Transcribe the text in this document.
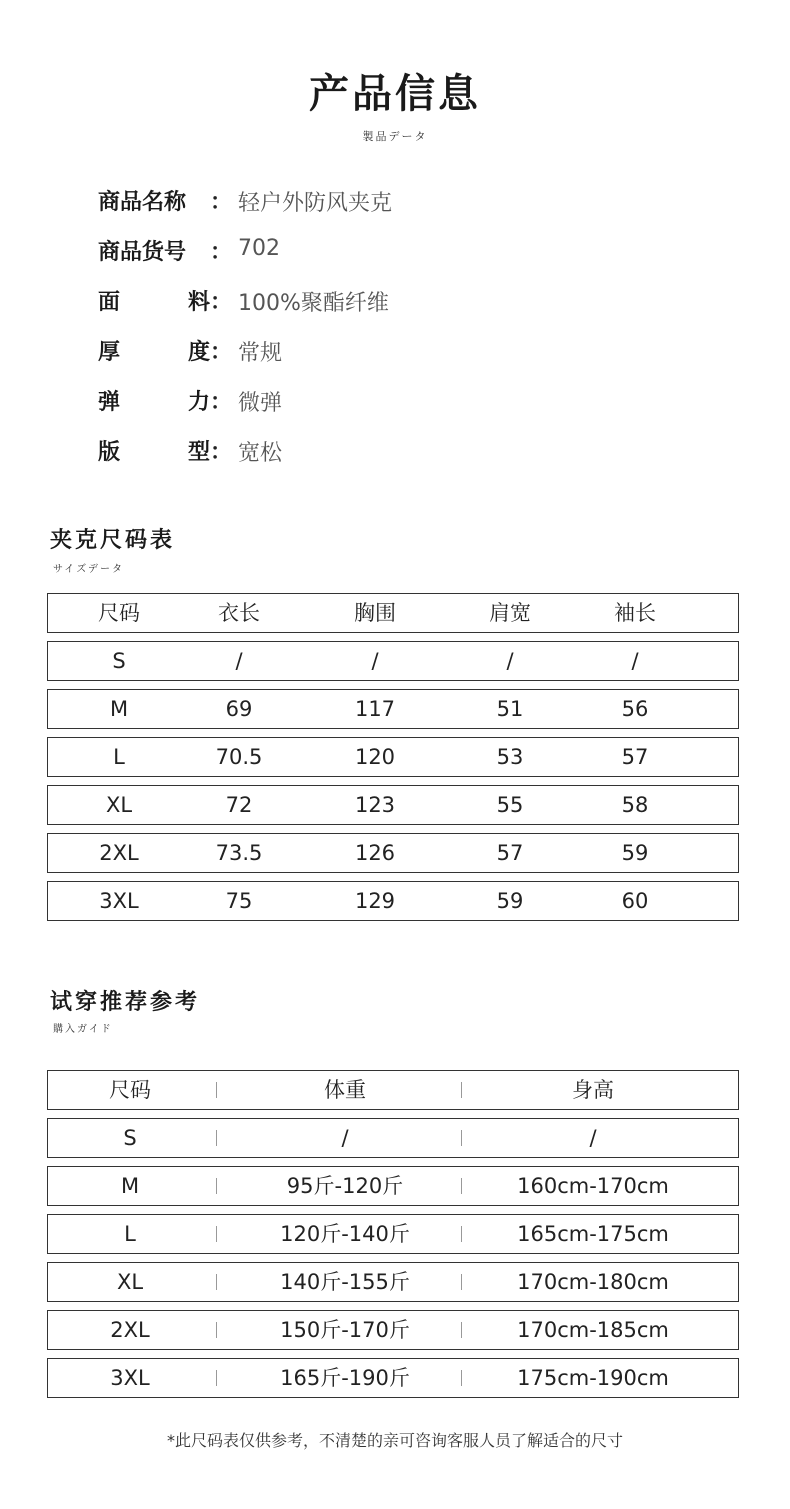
产品信息
製品データ
商品名称	： 轻户外防风夹克
商品货号	： 702
面	料 ： 100%聚酯纤维
厚	度 ： 常规
弹	力 ： 微弹
版	型 ： 宽松
夹克尺码表
サイズデータ
尺码	衣长	胸围	肩宽	袖长
S	/	/	/	/
M	69	117	51	56
L	70.5	120	53	57
XL	72	123	55	58
2XL	73.5	126	57	59
3XL	75	129	59	60
试穿推荐参考
購入ガイド
尺码	体重	身高
S	/	/
M	95斤-120斤	160cm-170cm
L	120斤-140斤	165cm-175cm
XL	140斤-155斤	170cm-180cm
2XL	150斤-170斤	170cm-185cm
3XL	165斤-190斤	175cm-190cm
*此尺码表仅供参考，不清楚的亲可咨询客服人员了解适合的尺寸
